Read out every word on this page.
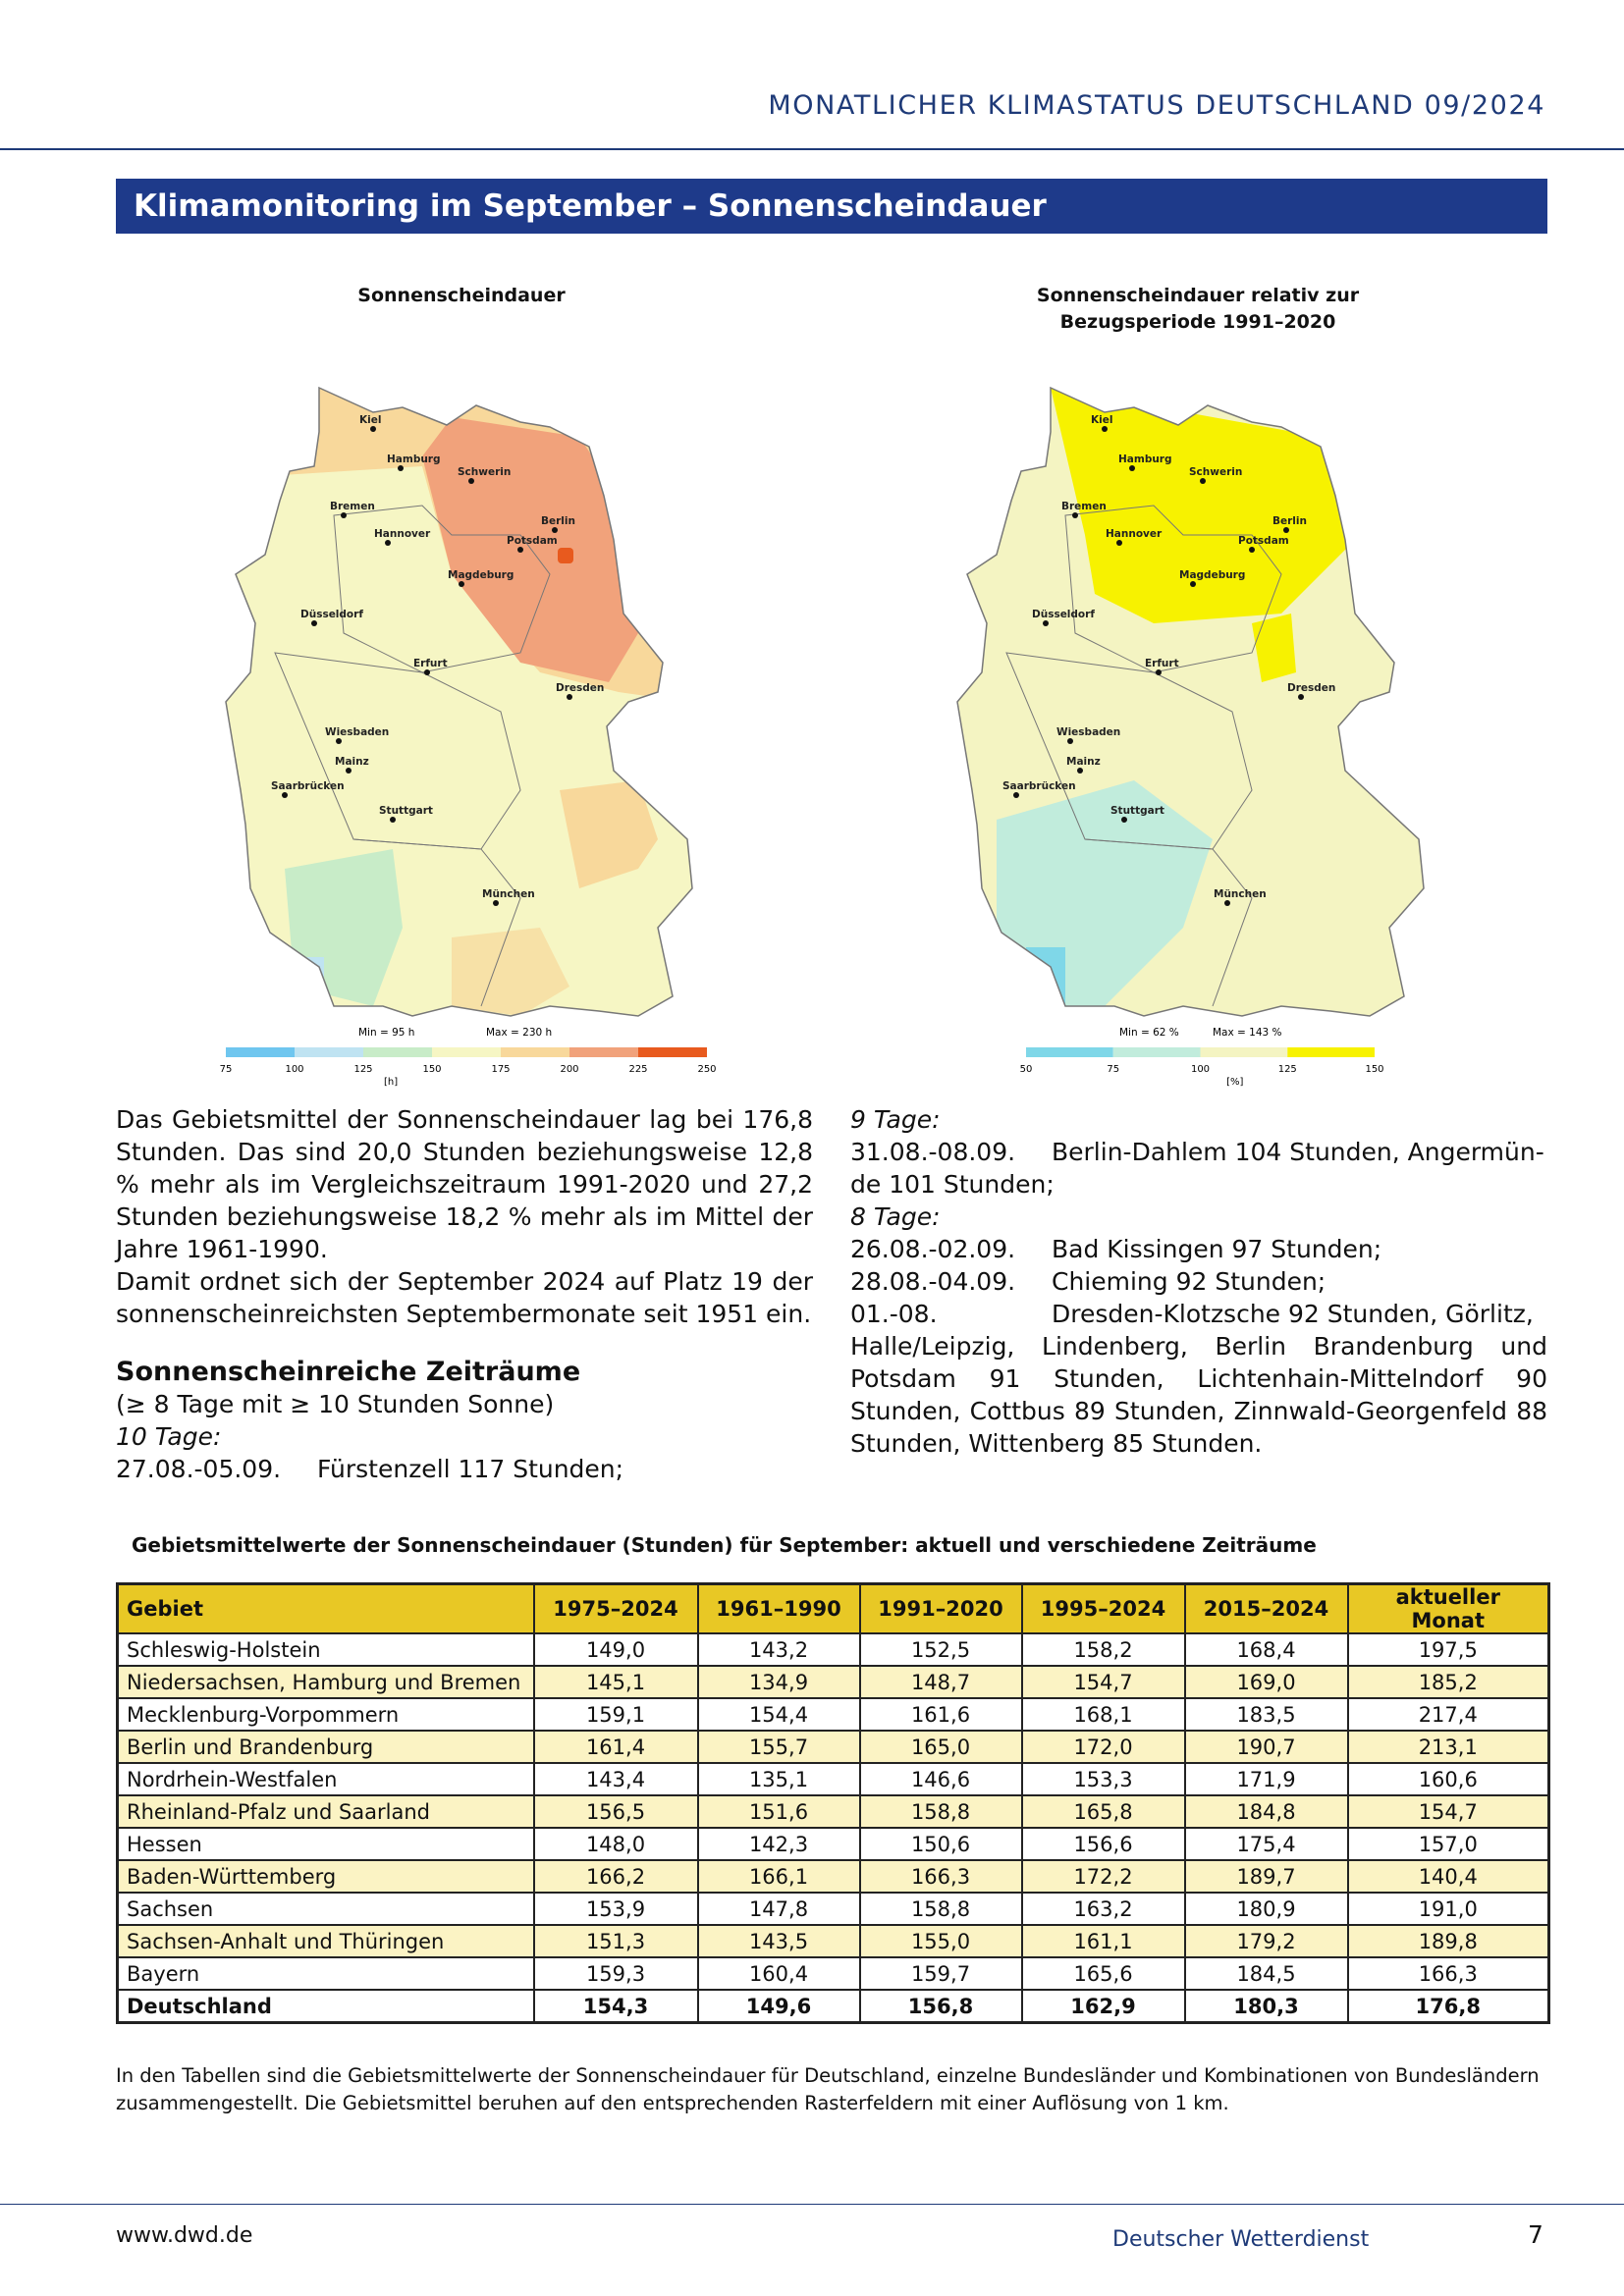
MONATLICHER KLIMASTATUS DEUTSCHLAND 09/2024
Klimamonitoring im September – Sonnenscheindauer
Sonnenscheindauer	Sonnenscheindauer relativ zur
Bezugsperiode 1991–2020
Kiel
Hamburg
Schwerin
Bremen
Berlin
Hannover
Potsdam
Magdeburg
Düsseldorf
Erfurt
Dresden
Wiesbaden
Mainz
Saarbrücken
Stuttgart
München
Min = 95 h	Max = 230 h
75	100	125	150	175	200	225	250
[h]
Kiel
Hamburg
Schwerin
Bremen
Berlin
Hannover
Potsdam
Magdeburg
Düsseldorf
Erfurt
Dresden
Wiesbaden
Mainz
Saarbrücken
Stuttgart
München
Min = 62 %	Max = 143 %
50	75	100	125	150
[%]

Das Gebietsmittel der Sonnenscheindauer lag bei 176,8 Stunden. Das sind 20,0 Stunden beziehungsweise 12,8 % mehr als im Vergleichszeitraum 1991-2020 und 27,2 Stunden beziehungsweise 18,2 % mehr als im Mittel der Jahre 1961-1990.

Damit ordnet sich der September 2024 auf Platz 19 der sonnenscheinreichsten Septembermonate seit 1951 ein.

Sonnenscheinreiche Zeiträume

(≥ 8 Tage mit ≥ 10 Stunden Sonne)

10 Tage:

27.08.-05.09.	Fürstenzell 117 Stunden;
9 Tage:
31.08.-08.09.	Berlin-Dahlem 104 Stunden, Angermün-
de 101 Stunden;
8 Tage:
26.08.-02.09.	Bad Kissingen 97 Stunden;
28.08.-04.09.	Chieming 92 Stunden;
01.-08.	Dresden-Klotzsche 92 Stunden, Görlitz,
Halle/Leipzig, Lindenberg, Berlin Brandenburg und Potsdam 91 Stunden, Lichtenhain-Mittelndorf 90 Stunden, Cottbus 89 Stunden, Zinnwald-Georgenfeld 88 Stunden, Wittenberg 85 Stunden.
Gebietsmittelwerte der Sonnenscheindauer (Stunden) für September: aktuell und verschiedene Zeiträume
Gebiet	1975–2024	1961–1990	1991–2020	1995–2024	2015–2024	aktueller Monat
Schleswig-Holstein	149,0	143,2	152,5	158,2	168,4	197,5
Niedersachsen, Hamburg und Bremen	145,1	134,9	148,7	154,7	169,0	185,2
Mecklenburg-Vorpommern	159,1	154,4	161,6	168,1	183,5	217,4
Berlin und Brandenburg	161,4	155,7	165,0	172,0	190,7	213,1
Nordrhein-Westfalen	143,4	135,1	146,6	153,3	171,9	160,6
Rheinland-Pfalz und Saarland	156,5	151,6	158,8	165,8	184,8	154,7
Hessen	148,0	142,3	150,6	156,6	175,4	157,0
Baden-Württemberg	166,2	166,1	166,3	172,2	189,7	140,4
Sachsen	153,9	147,8	158,8	163,2	180,9	191,0
Sachsen-Anhalt und Thüringen	151,3	143,5	155,0	161,1	179,2	189,8
Bayern	159,3	160,4	159,7	165,6	184,5	166,3
Deutschland	154,3	149,6	156,8	162,9	180,3	176,8
In den Tabellen sind die Gebietsmittelwerte der Sonnenscheindauer für Deutschland, einzelne Bundesländer und Kombinationen von Bundesländern zusammengestellt. Die Gebietsmittel beruhen auf den entsprechenden Rasterfeldern mit einer Auflösung von 1 km.
www.dwd.de	Deutscher Wetterdienst	7
